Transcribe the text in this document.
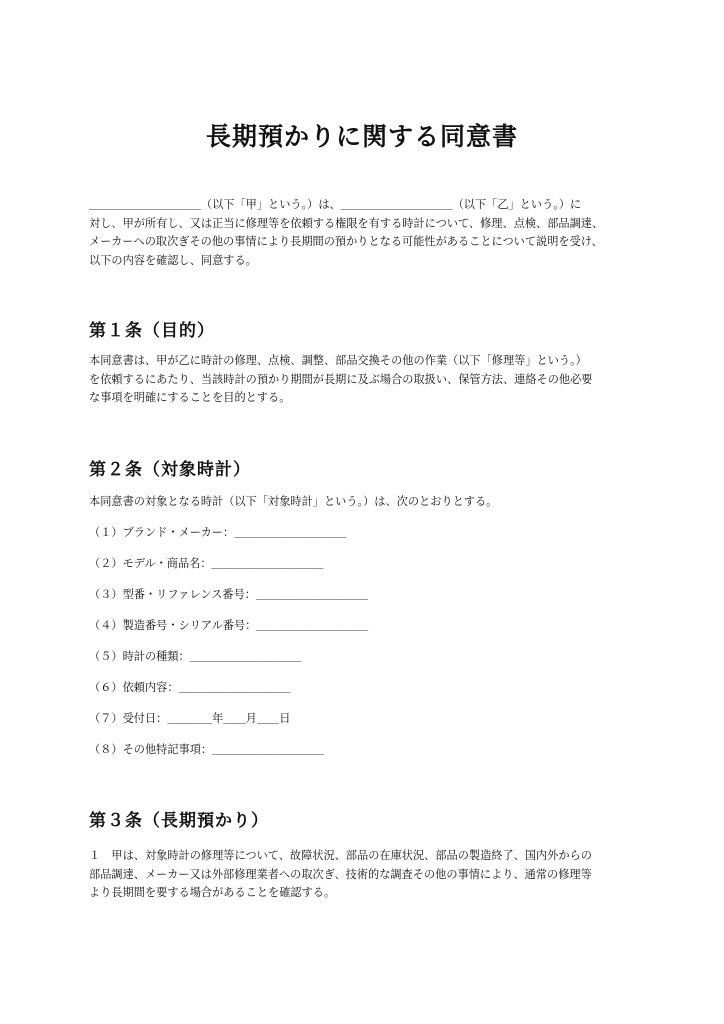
長期預かりに関する同意書

＿＿＿＿＿＿＿＿＿＿（以下「甲」という。）は、＿＿＿＿＿＿＿＿＿＿（以下「乙」という。）に
対し、甲が所有し、又は正当に修理等を依頼する権限を有する時計について、修理、点検、部品調達、
メーカーへの取次ぎその他の事情により長期間の預かりとなる可能性があることについて説明を受け、
以下の内容を確認し、同意する。

第１条（目的）

本同意書は、甲が乙に時計の修理、点検、調整、部品交換その他の作業（以下「修理等」という。）
を依頼するにあたり、当該時計の預かり期間が長期に及ぶ場合の取扱い、保管方法、連絡その他必要
な事項を明確にすることを目的とする。

第２条（対象時計）

本同意書の対象となる時計（以下「対象時計」という。）は、次のとおりとする。

（１）ブランド・メーカー：＿＿＿＿＿＿＿＿＿＿

（２）モデル・商品名：＿＿＿＿＿＿＿＿＿＿

（３）型番・リファレンス番号：＿＿＿＿＿＿＿＿＿＿

（４）製造番号・シリアル番号：＿＿＿＿＿＿＿＿＿＿

（５）時計の種類：＿＿＿＿＿＿＿＿＿＿

（６）依頼内容：＿＿＿＿＿＿＿＿＿＿

（７）受付日：＿＿＿＿年＿＿月＿＿日

（８）その他特記事項：＿＿＿＿＿＿＿＿＿＿

第３条（長期預かり）

１　甲は、対象時計の修理等について、故障状況、部品の在庫状況、部品の製造終了、国内外からの
部品調達、メーカー又は外部修理業者への取次ぎ、技術的な調査その他の事情により、通常の修理等
より長期間を要する場合があることを確認する。
